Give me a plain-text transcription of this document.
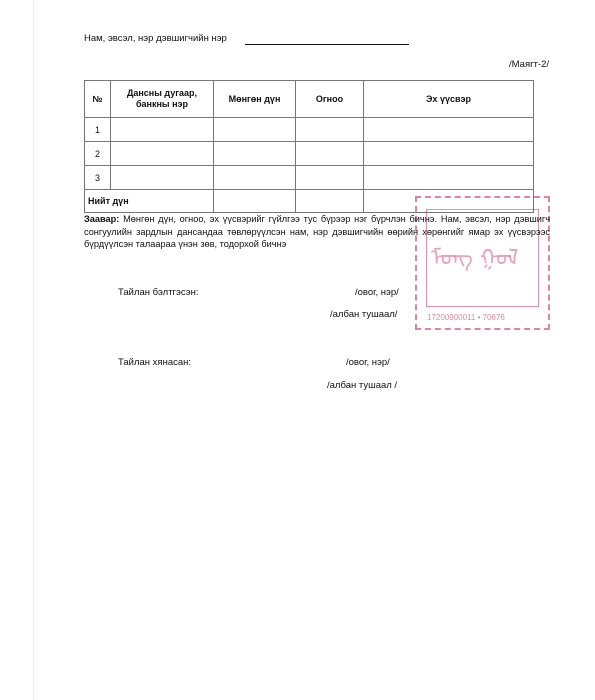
Нам, эвсэл, нэр дэвшигчийн нэр
/Маягт-2/
№	Дансны дугаар, банкны нэр	Мөнгөн дүн	Огноо	Эх үүсвэр
1				
2				
3				
Нийт дүн				
ᠮᠣᠩ ᠭᠣᠯ
17200900011 • 70676
Заавар: Мөнгөн дүн, огноо, эх үүсвэрийг гүйлгээ тус бүрээр нэг бүрчлэн бичнэ. Нам, эвсэл, нэр дэвшигч сонгуулийн зардлын дансандаа төвлөрүүлсэн нам, нэр дэвшигчийн өөрийн хөрөнгийг ямар эх үүсвэрээс бүрдүүлсэн талаараа үнэн зөв, тодорхой бичнэ
Тайлан бэлтгэсэн:	/овог, нэр/
/албан тушаал/
Тайлан хянасан:	/овог, нэр/
/албан тушаал /
